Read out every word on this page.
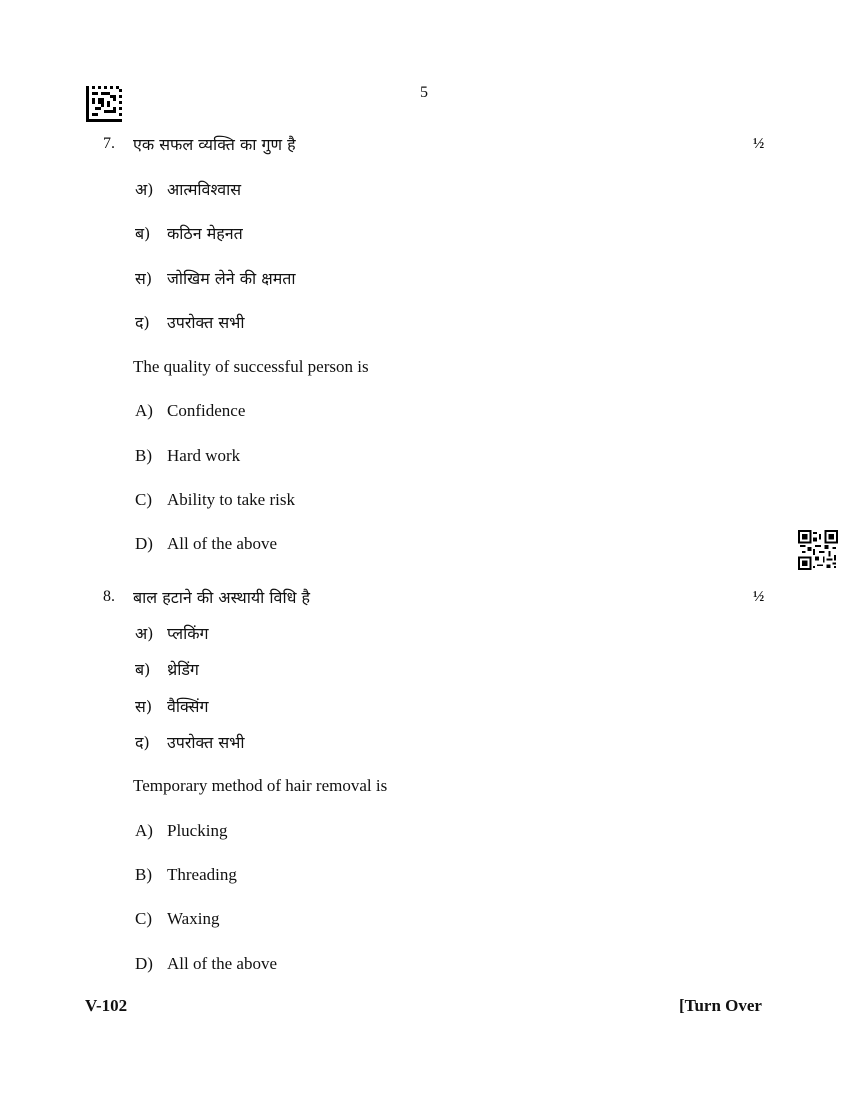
5
7. एक सफल व्यक्ति का गुण है	½
अ) आत्मविश्वास
ब) कठिन मेहनत
स) जोखिम लेने की क्षमता
द) उपरोक्त सभी
The quality of successful person is
A) Confidence
B) Hard work
C) Ability to take risk
D) All of the above
8. बाल हटाने की अस्थायी विधि है	½
अ) प्लकिंग
ब) थ्रेडिंग
स) वैक्सिंग
द) उपरोक्त सभी
Temporary method of hair removal is
A) Plucking
B) Threading
C) Waxing
D) All of the above
V-102	[Turn Over
